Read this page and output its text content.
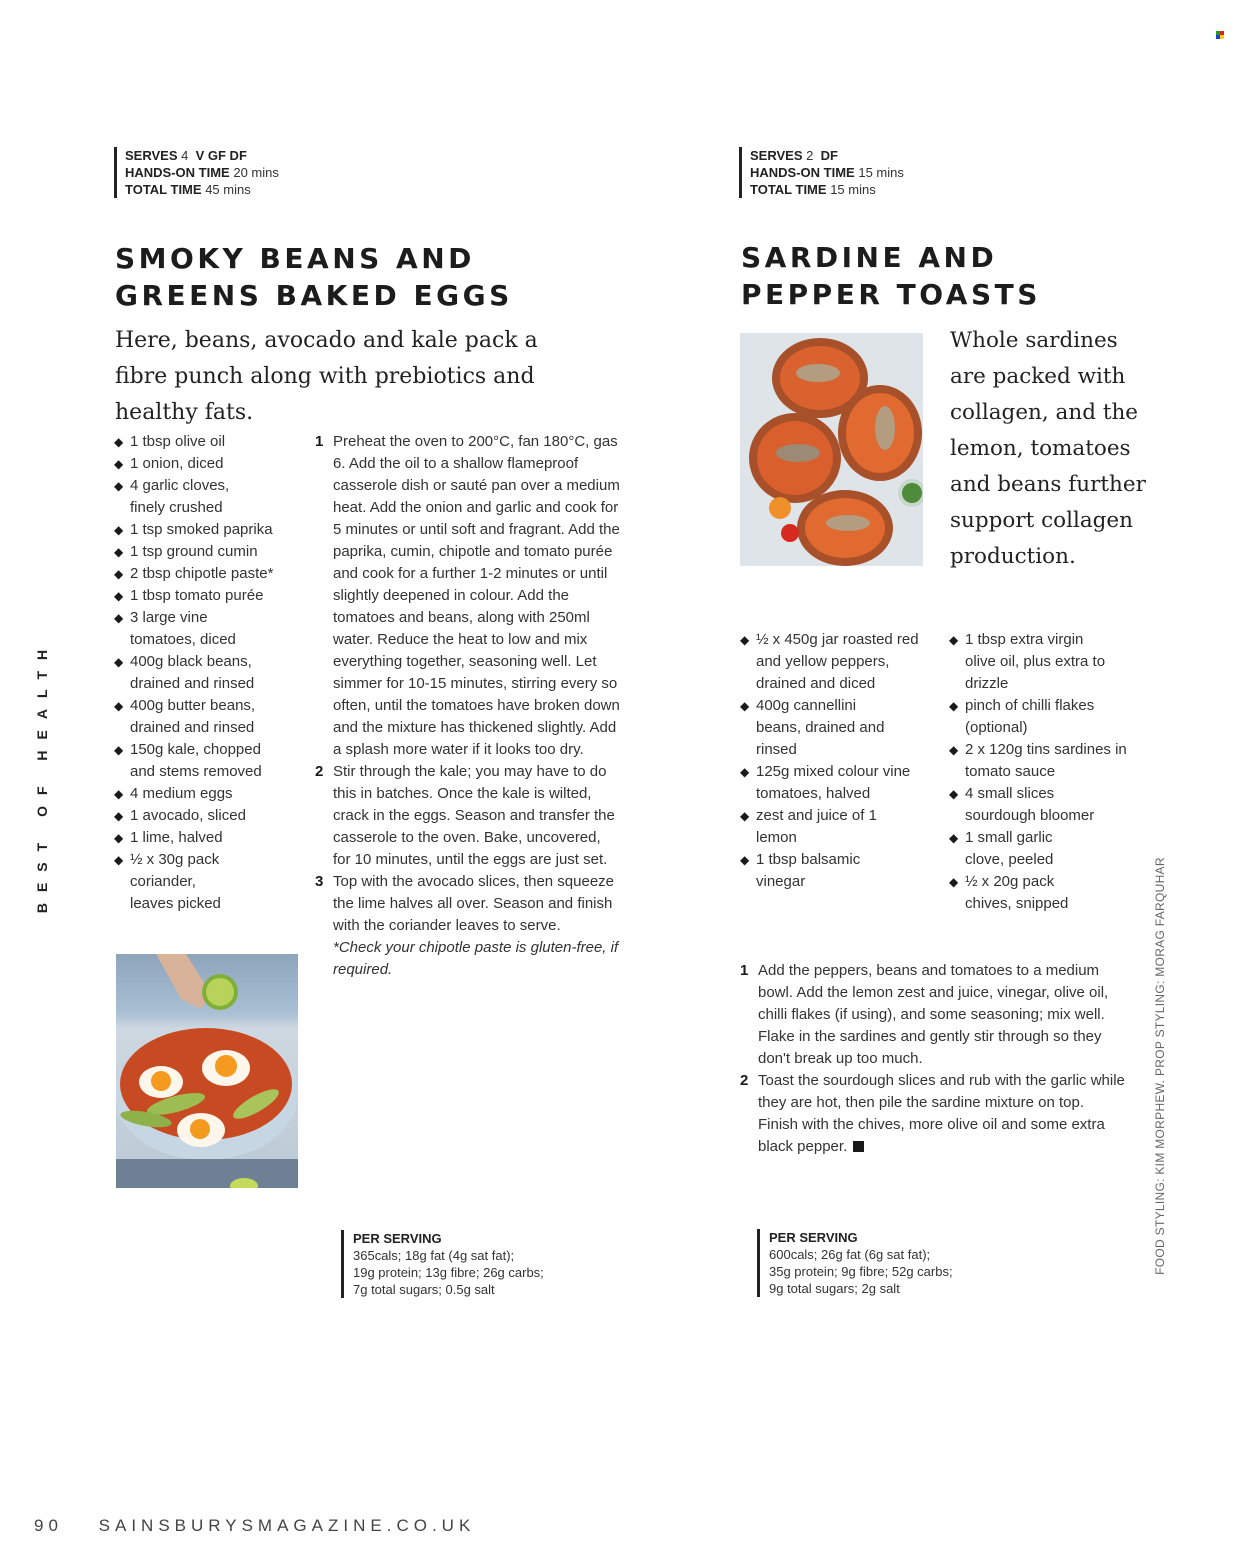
SERVES 4 V GF DF
HANDS-ON TIME 20 mins
TOTAL TIME 45 mins
SMOKY BEANS AND
GREENS BAKED EGGS

Here, beans, avocado and kale pack a fibre punch along with prebiotics and healthy fats.

◆ 1 tbsp olive oil
◆ 1 onion, diced
◆ 4 garlic cloves, finely crushed
◆ 1 tsp smoked paprika
◆ 1 tsp ground cumin
◆ 2 tbsp chipotle paste*
◆ 1 tbsp tomato purée
◆ 3 large vine tomatoes, diced
◆ 400g black beans, drained and rinsed
◆ 400g butter beans, drained and rinsed
◆ 150g kale, chopped and stems removed
◆ 4 medium eggs
◆ 1 avocado, sliced
◆ 1 lime, halved
◆ ½ x 30g pack coriander, leaves picked
1 Preheat the oven to 200°C, fan 180°C, gas 6. Add the oil to a shallow flameproof casserole dish or sauté pan over a medium heat. Add the onion and garlic and cook for 5 minutes or until soft and fragrant. Add the paprika, cumin, chipotle and tomato purée and cook for a further 1-2 minutes or until slightly deepened in colour. Add the tomatoes and beans, along with 250ml water. Reduce the heat to low and mix everything together, seasoning well. Let simmer for 10-15 minutes, stirring every so often, until the tomatoes have broken down and the mixture has thickened slightly. Add a splash more water if it looks too dry.
2 Stir through the kale; you may have to do this in batches. Once the kale is wilted, crack in the eggs. Season and transfer the casserole to the oven. Bake, uncovered, for 10 minutes, until the eggs are just set.
3 Top with the avocado slices, then squeeze the lime halves all over. Season and finish with the coriander leaves to serve.
*Check your chipotle paste is gluten-free, if required.
PER SERVING
365cals; 18g fat (4g sat fat);
19g protein; 13g fibre; 26g carbs;
7g total sugars; 0.5g salt
SERVES 2 DF
HANDS-ON TIME 15 mins
TOTAL TIME 15 mins
SARDINE AND
PEPPER TOASTS

Whole sardines are packed with collagen, and the lemon, tomatoes and beans further support collagen production.

◆ ½ x 450g jar roasted red and yellow peppers, drained and diced
◆ 400g cannellini beans, drained and rinsed
◆ 125g mixed colour vine tomatoes, halved
◆ zest and juice of 1 lemon
◆ 1 tbsp balsamic vinegar
◆ 1 tbsp extra virgin olive oil, plus extra to drizzle
◆ pinch of chilli flakes (optional)
◆ 2 x 120g tins sardines in tomato sauce
◆ 4 small slices sourdough bloomer
◆ 1 small garlic clove, peeled
◆ ½ x 20g pack chives, snipped
1 Add the peppers, beans and tomatoes to a medium bowl. Add the lemon zest and juice, vinegar, olive oil, chilli flakes (if using), and some seasoning; mix well. Flake in the sardines and gently stir through so they don't break up too much.
2 Toast the sourdough slices and rub with the garlic while they are hot, then pile the sardine mixture on top. Finish with the chives, more olive oil and some extra black pepper.
PER SERVING
600cals; 26g fat (6g sat fat);
35g protein; 9g fibre; 52g carbs;
9g total sugars; 2g salt
BEST OF HEALTH
FOOD STYLING: KIM MORPHEW. PROP STYLING: MORAG FARQUHAR
90 SAINSBURYSMAGAZINE.CO.UK
